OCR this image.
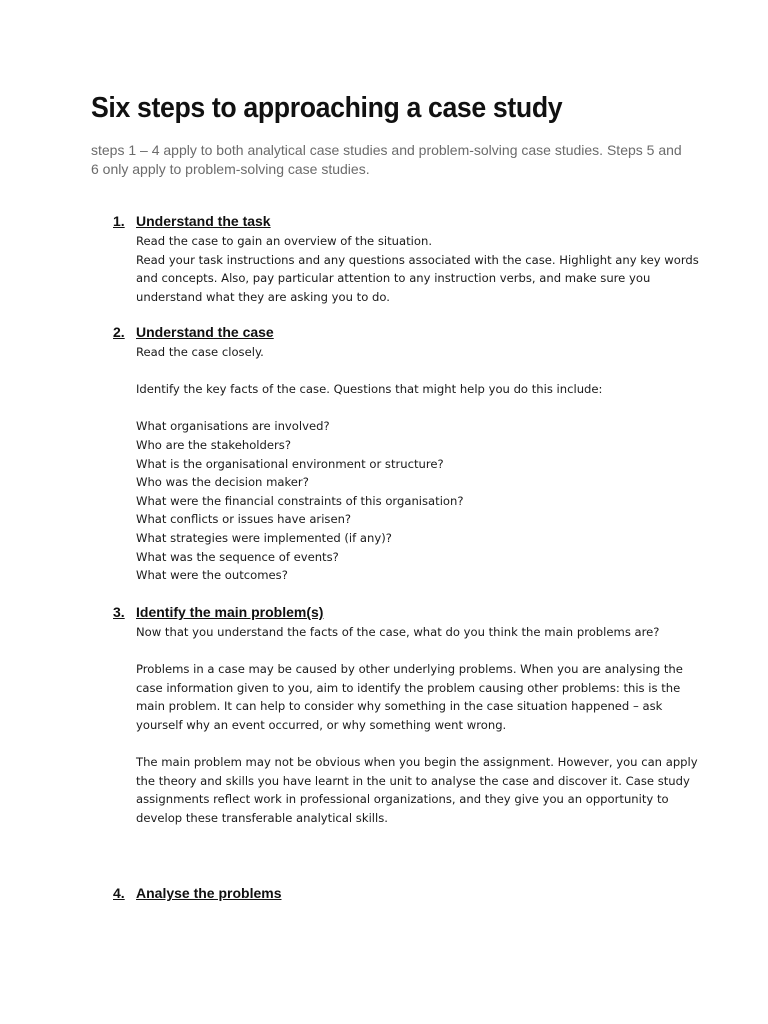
Six steps to approaching a case study

steps 1 – 4 apply to both analytical case studies and problem-solving case studies. Steps 5 and
6 only apply to problem-solving case studies.

1. Understand the task
Read the case to gain an overview of the situation.
Read your task instructions and any questions associated with the case. Highlight any key words
and concepts. Also, pay particular attention to any instruction verbs, and make sure you
understand what they are asking you to do.
2. Understand the case
Read the case closely.
Identify the key facts of the case. Questions that might help you do this include:
What organisations are involved?
Who are the stakeholders?
What is the organisational environment or structure?
Who was the decision maker?
What were the financial constraints of this organisation?
What conflicts or issues have arisen?
What strategies were implemented (if any)?
What was the sequence of events?
What were the outcomes?
3. Identify the main problem(s)
Now that you understand the facts of the case, what do you think the main problems are?
Problems in a case may be caused by other underlying problems. When you are analysing the
case information given to you, aim to identify the problem causing other problems: this is the
main problem. It can help to consider why something in the case situation happened – ask
yourself why an event occurred, or why something went wrong.
The main problem may not be obvious when you begin the assignment. However, you can apply
the theory and skills you have learnt in the unit to analyse the case and discover it. Case study
assignments reflect work in professional organizations, and they give you an opportunity to
develop these transferable analytical skills.
4. Analyse the problems
